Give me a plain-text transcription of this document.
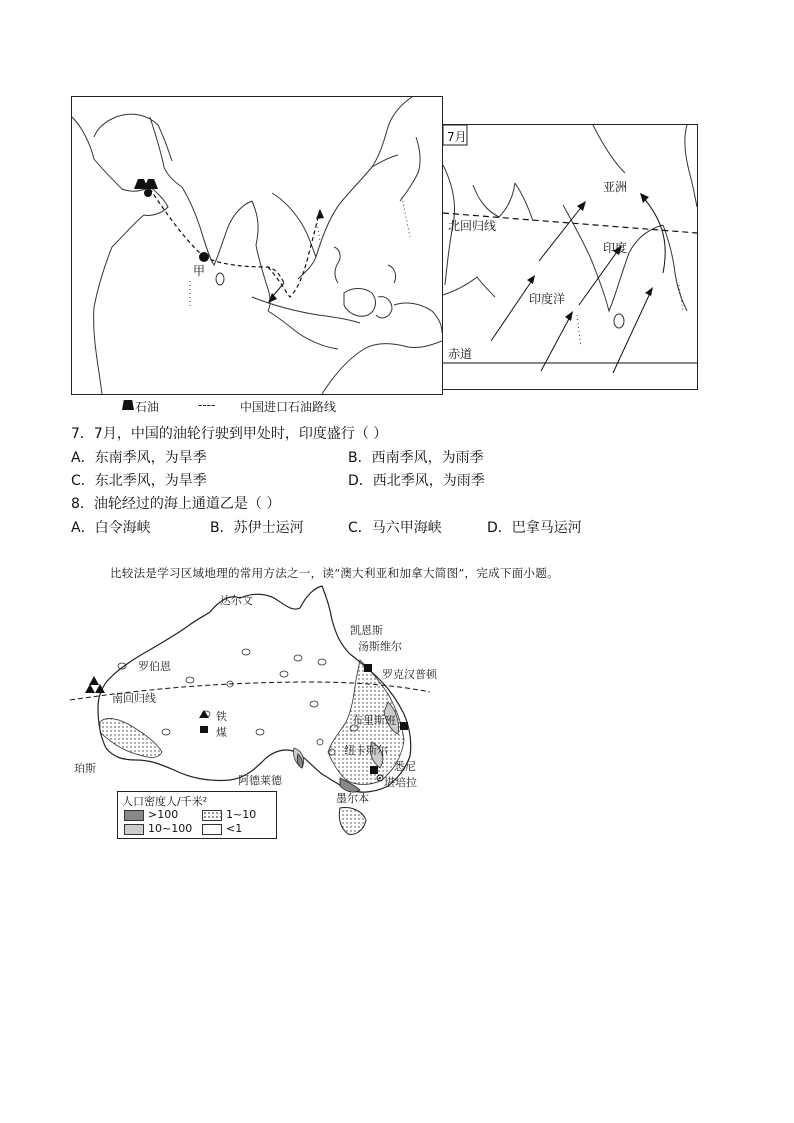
甲
石油	---- 中国进口石油路线
7月
亚洲
北回归线
印度
印度洋
赤道
7．7月，中国的油轮行驶到甲处时，印度盛行（ ）
A．东南季风，为旱季	B．西南季风，为雨季
C．东北季风，为旱季	D．西北季风，为雨季
8．油轮经过的海上通道乙是（ ）
A．白令海峡	B．苏伊士运河	C．马六甲海峡	D．巴拿马运河
比较法是学习区域地理的常用方法之一，读“澳大利亚和加拿大简图”，完成下面小题。
达尔文
凯恩斯
汤斯维尔
罗克汉普顿
罗伯恩
南回归线
布里斯班
纽卡斯尔
珀斯
阿德莱德
悉尼
堪培拉
墨尔本
铁
煤
人口密度人/千米²
>100	1~10
10~100	<1
